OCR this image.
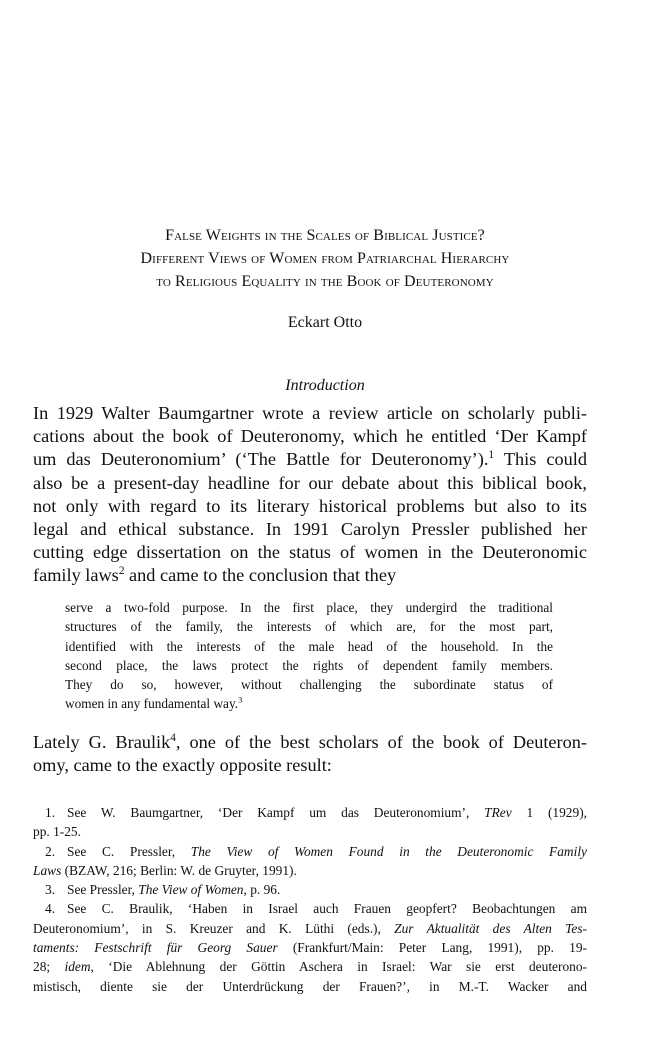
False Weights in the Scales of Biblical Justice?
Different Views of Women from Patriarchal Hierarchy
to Religious Equality in the Book of Deuteronomy
Eckart Otto
Introduction
In 1929 Walter Baumgartner wrote a review article on scholarly publi-
cations about the book of Deuteronomy, which he entitled ‘Der Kampf
um das Deuteronomium’ (‘The Battle for Deuteronomy’).$^1$ This could
also be a present-day headline for our debate about this biblical book,
not only with regard to its literary historical problems but also to its
legal and ethical substance. In 1991 Carolyn Pressler published her
cutting edge dissertation on the status of women in the Deuteronomic
family laws$^2$ and came to the conclusion that they
serve a two-fold purpose. In the first place, they undergird the traditional
structures of the family, the interests of which are, for the most part,
identified with the interests of the male head of the household. In the
second place, the laws protect the rights of dependent family members.
They do so, however, without challenging the subordinate status of
women in any fundamental way.$^3$
Lately G. Braulik$^4$, one of the best scholars of the book of Deuteron-
omy, came to the exactly opposite result:
1. See W. Baumgartner, ‘Der Kampf um das Deuteronomium’, TRev 1 (1929),
pp. 1-25.
2. See C. Pressler, The View of Women Found in the Deuteronomic Family
Laws (BZAW, 216; Berlin: W. de Gruyter, 1991).
3. See Pressler, The View of Women, p. 96.
4. See C. Braulik, ‘Haben in Israel auch Frauen geopfert? Beobachtungen am
Deuteronomium’, in S. Kreuzer and K. Lüthi (eds.), Zur Aktualität des Alten Tes-
taments: Festschrift für Georg Sauer (Frankfurt/Main: Peter Lang, 1991), pp. 19-
28; idem, ‘Die Ablehnung der Göttin Aschera in Israel: War sie erst deuterono-
mistisch, diente sie der Unterdrückung der Frauen?’, in M.-T. Wacker and
